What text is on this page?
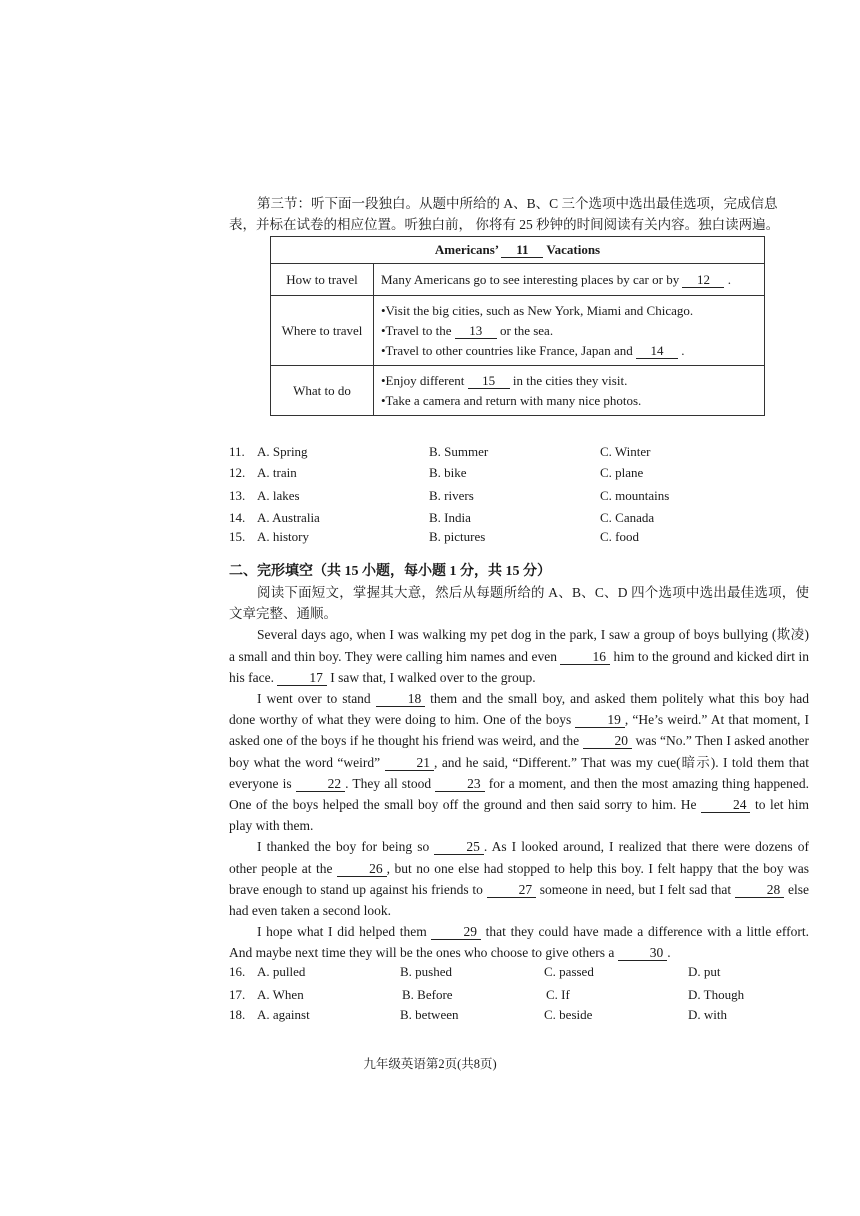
第三节：听下面一段独白。从题中所给的 A、B、C 三个选项中选出最佳选项，完成信息

表，并标在试卷的相应位置。听独白前， 你将有 25 秒钟的时间阅读有关内容。独白读两遍。

Americans’ 11 Vacations	
How to travel	Many Americans go to see interesting places by car or by 12 .
Where to travel	•Visit the big cities, such as New York, Miami and Chicago.
•Travel to the 13 or the sea.
•Travel to other countries like France, Japan and 14 .

What to do	•Enjoy different 15 in the cities they visit.
•Take a camera and return with many nice photos.
11. A. Spring	B. Summer	C. Winter
12. A. train	B. bike	C. plane
13. A. lakes	B. rivers	C. mountains
14. A. Australia	B. India	C. Canada
15. A. history	B. pictures	C. food
二、完形填空（共 15 小题，每小题 1 分，共 15 分）

阅读下面短文，掌握其大意，然后从每题所给的 A、B、C、D 四个选项中选出最佳选项，使文章完整、通顺。

Several days ago, when I was walking my pet dog in the park, I saw a group of boys bullying (欺凌) a small and thin boy. They were calling him names and even 16 him to the ground and kicked dirt in his face. 17 I saw that, I walked over to the group.

I went over to stand 18 them and the small boy, and asked them politely what this boy had done worthy of what they were doing to him. One of the boys 19 , “He’s weird.” At that moment, I asked one of the boys if he thought his friend was weird, and the 20 was “No.” Then I asked another boy what the word “weird” 21 , and he said, “Different.” That was my cue(暗示). I told them that everyone is 22 . They all stood 23 for a moment, and then the most amazing thing happened. One of the boys helped the small boy off the ground and then said sorry to him. He 24 to let him play with them.

I thanked the boy for being so 25 . As I looked around, I realized that there were dozens of other people at the 26 , but no one else had stopped to help this boy. I felt happy that the boy was brave enough to stand up against his friends to 27 someone in need, but I felt sad that 28 else had even taken a second look.

I hope what I did helped them 29 that they could have made a difference with a little effort. And maybe next time they will be the ones who choose to give others a 30 .

16. A. pulled	B. pushed	C. passed	D. put
17. A. When	B. Before	C. If	D. Though
18. A. against	B. between	C. beside	D. with
九年级英语第2页(共8页)
